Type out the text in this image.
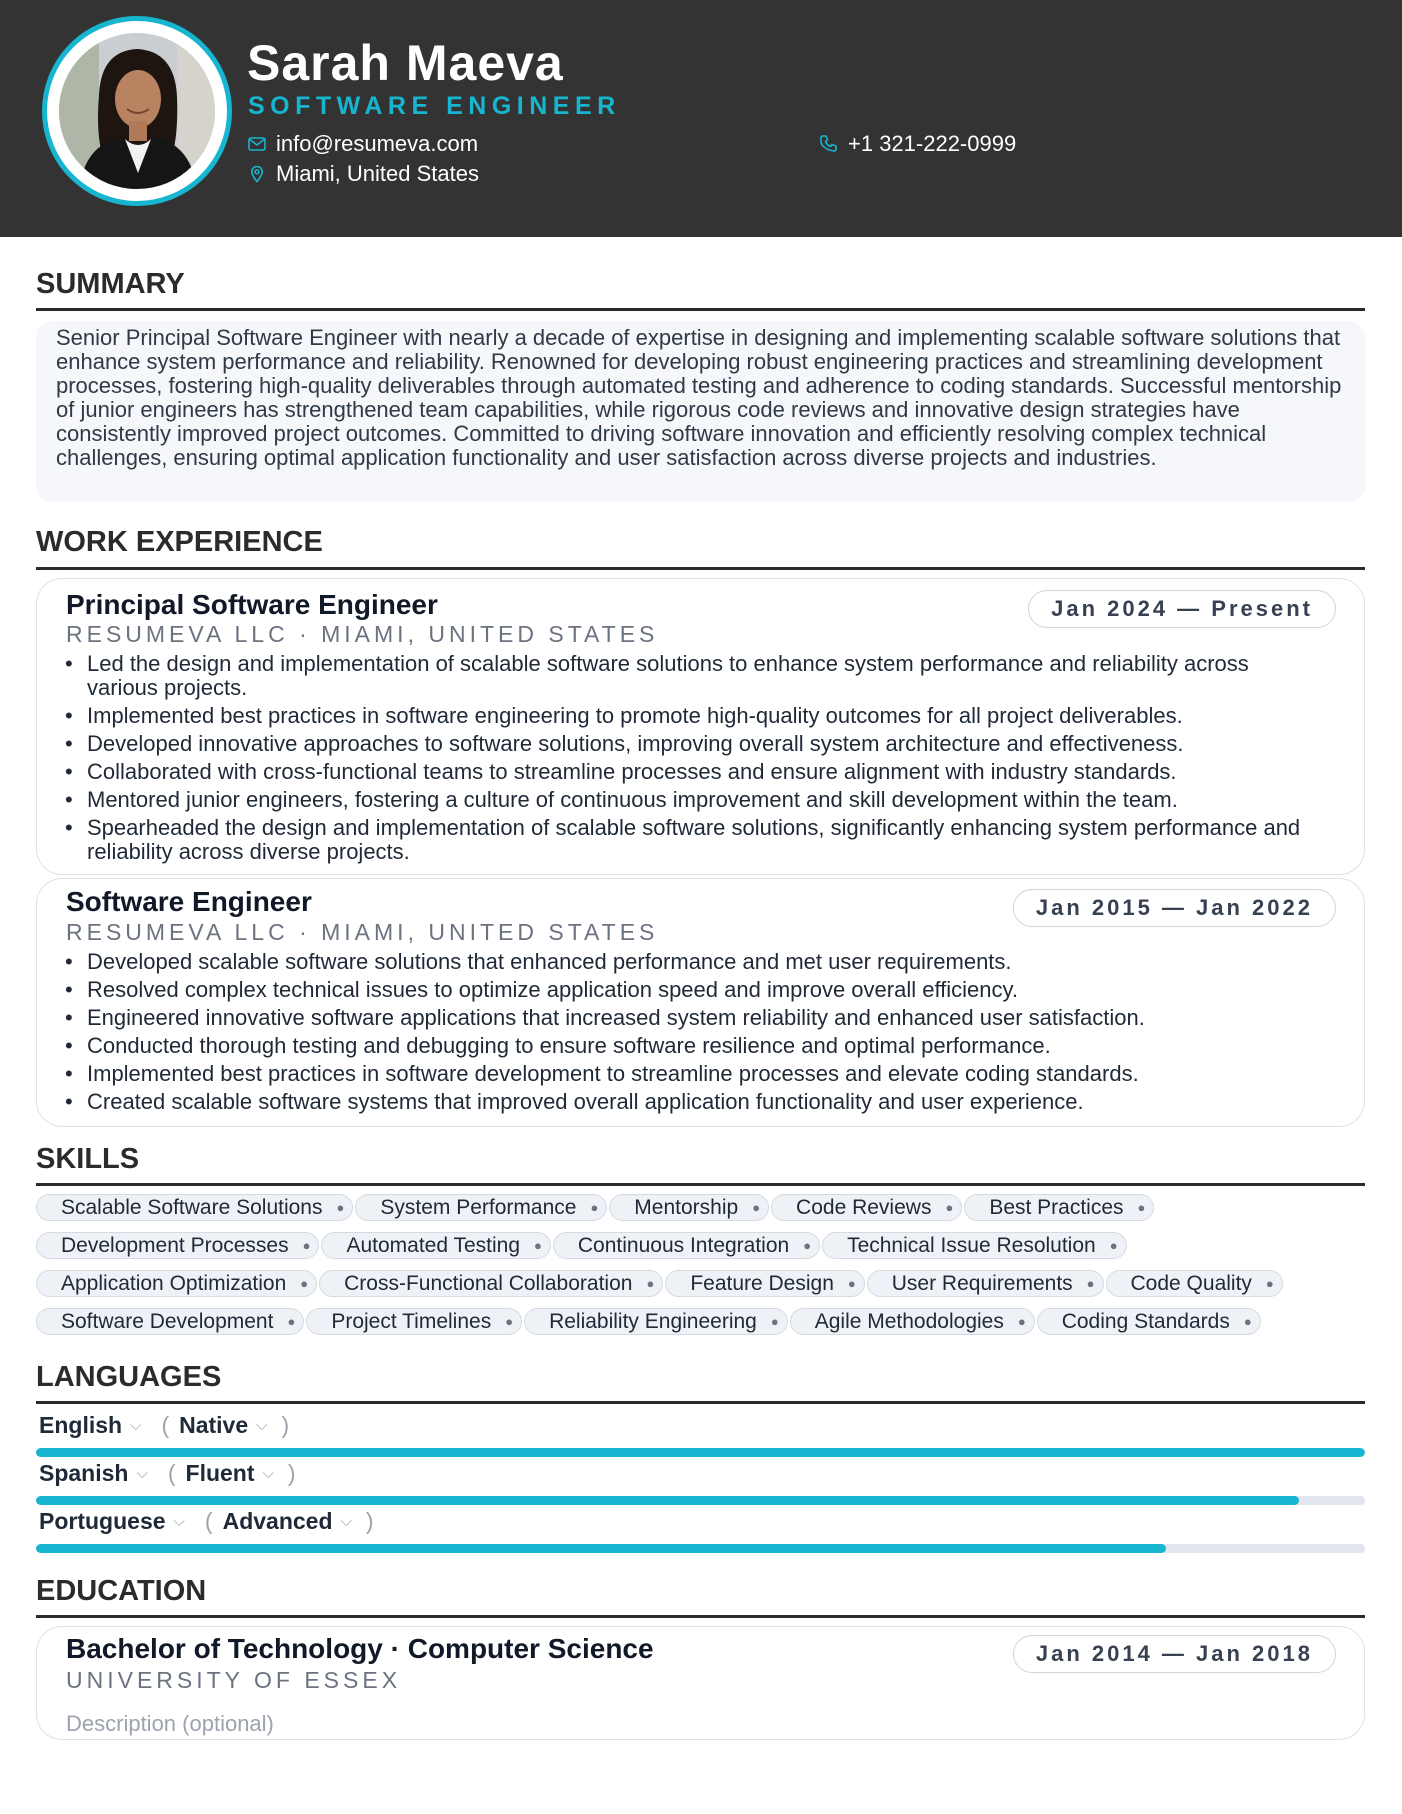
Sarah Maeva
SOFTWARE ENGINEER
info@resumeva.com
Miami, United States
+1 321-222-0999
SUMMARY
Senior Principal Software Engineer with nearly a decade of expertise in designing and implementing scalable software solutions that enhance system performance and reliability. Renowned for developing robust engineering practices and streamlining development processes, fostering high-quality deliverables through automated testing and adherence to coding standards. Successful mentorship of junior engineers has strengthened team capabilities, while rigorous code reviews and innovative design strategies have consistently improved project outcomes. Committed to driving software innovation and efficiently resolving complex technical challenges, ensuring optimal application functionality and user satisfaction across diverse projects and industries.
WORK EXPERIENCE
Principal Software Engineer
RESUMEVA LLC · MIAMI, UNITED STATES
Jan 2024 — Present
• Led the design and implementation of scalable software solutions to enhance system performance and reliability across various projects.
• Implemented best practices in software engineering to promote high-quality outcomes for all project deliverables.
• Developed innovative approaches to software solutions, improving overall system architecture and effectiveness.
• Collaborated with cross-functional teams to streamline processes and ensure alignment with industry standards.
• Mentored junior engineers, fostering a culture of continuous improvement and skill development within the team.
• Spearheaded the design and implementation of scalable software solutions, significantly enhancing system performance and reliability across diverse projects.
Software Engineer
RESUMEVA LLC · MIAMI, UNITED STATES
Jan 2015 — Jan 2022
• Developed scalable software solutions that enhanced performance and met user requirements.
• Resolved complex technical issues to optimize application speed and improve overall efficiency.
• Engineered innovative software applications that increased system reliability and enhanced user satisfaction.
• Conducted thorough testing and debugging to ensure software resilience and optimal performance.
• Implemented best practices in software development to streamline processes and elevate coding standards.
• Created scalable software systems that improved overall application functionality and user experience.
SKILLS
Scalable Software Solutions ● System Performance ● Mentorship ● Code Reviews ● Best Practices ●
Development Processes ● Automated Testing ● Continuous Integration ● Technical Issue Resolution ●
Application Optimization ● Cross-Functional Collaboration ● Feature Design ● User Requirements ● Code Quality ●
Software Development ● Project Timelines ● Reliability Engineering ● Agile Methodologies ● Coding Standards ●
LANGUAGES
English ⌵ ( Native ⌵ )
Spanish ⌵ ( Fluent ⌵ )
Portuguese ⌵ ( Advanced ⌵ )
EDUCATION
Bachelor of Technology · Computer Science
UNIVERSITY OF ESSEX
Jan 2014 — Jan 2018
Description (optional)
